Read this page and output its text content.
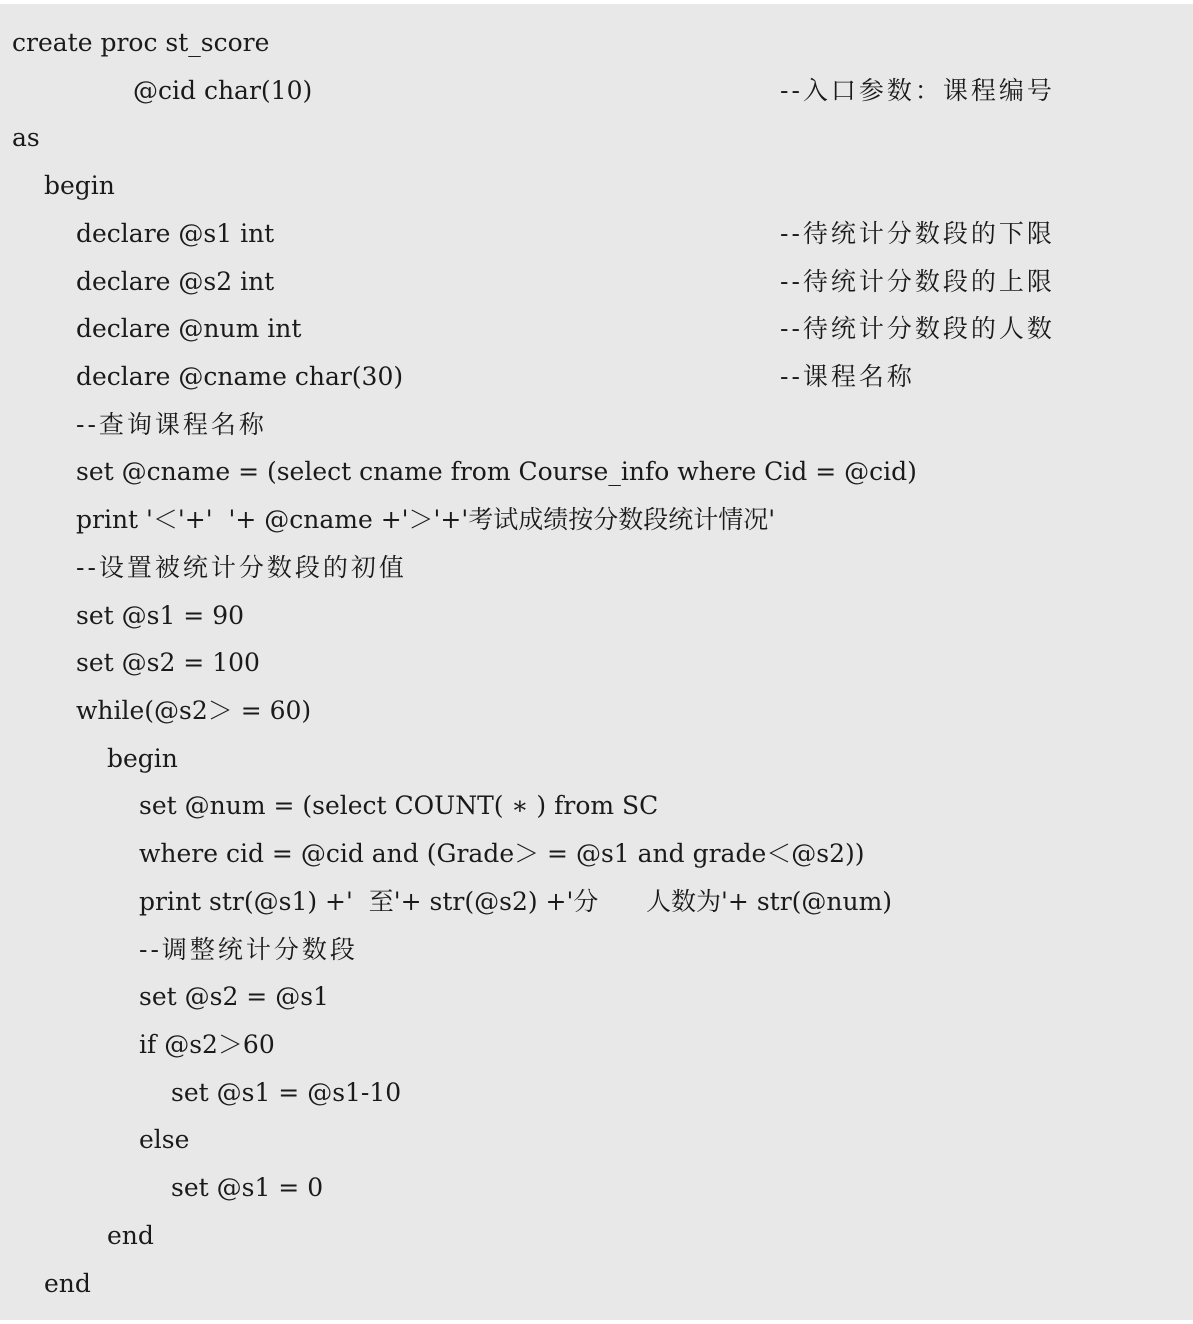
create proc st_score
@cid char(10)	--入口参数：课程编号
as
begin
declare @s1 int	--待统计分数段的下限
declare @s2 int	--待统计分数段的上限
declare @num int	--待统计分数段的人数
declare @cname char(30)	--课程名称
--查询课程名称
set @cname = (select cname from Course_info where Cid = @cid)
print '＜'+'  '+ @cname +'＞'+'考试成绩按分数段统计情况'
--设置被统计分数段的初值
set @s1 = 90
set @s2 = 100
while(@s2＞ = 60)
begin
set @num = (select COUNT( ∗ ) from SC
where cid = @cid and (Grade＞ = @s1 and grade＜@s2))
print str(@s1) +'  至'+ str(@s2) +'分      人数为'+ str(@num)
--调整统计分数段
set @s2 = @s1
if @s2＞60
set @s1 = @s1-10
else
set @s1 = 0
end
end
